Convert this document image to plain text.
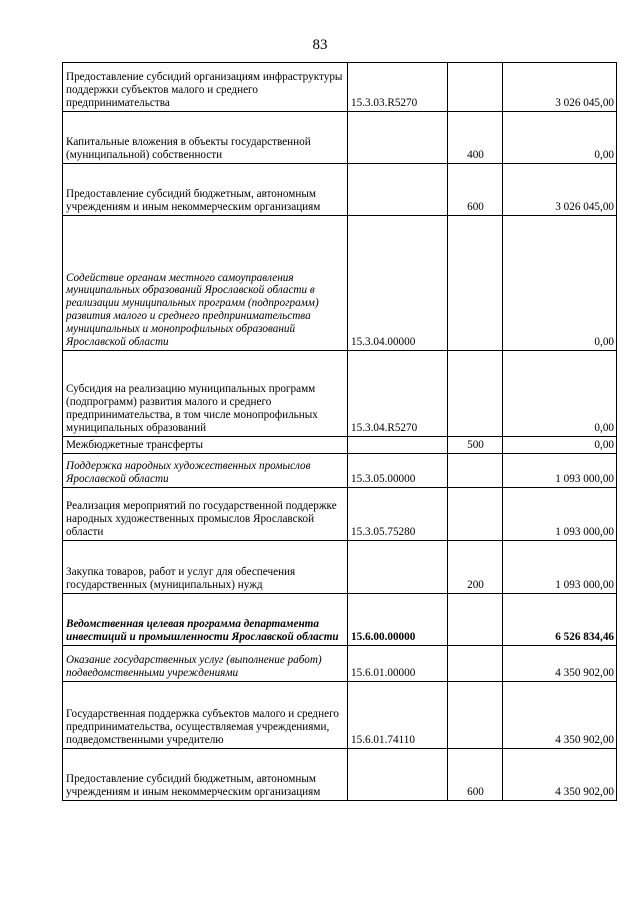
83
Предоставление субсидий организациям инфраструктуры поддержки субъектов малого и среднего предпринимательства	15.3.03.R5270		3 026 045,00
Капитальные вложения в объекты государственной (муниципальной) собственности		400	0,00
Предоставление субсидий бюджетным, автономным учреждениям и иным некоммерческим организациям		600	3 026 045,00
Содействие органам местного самоуправления муниципальных образований Ярославской области в реализации муниципальных программ (подпрограмм) развития малого и среднего предпринимательства муниципальных и монопрофильных образований Ярославской области	15.3.04.00000		0,00
Субсидия на реализацию муниципальных программ (подпрограмм) развития малого и среднего предпринимательства, в том числе монопрофильных муниципальных образований	15.3.04.R5270		0,00
Межбюджетные трансферты		500	0,00
Поддержка народных художественных промыслов Ярославской области	15.3.05.00000		1 093 000,00
Реализация мероприятий по государственной поддержке народных художественных промыслов Ярославской области	15.3.05.75280		1 093 000,00
Закупка товаров, работ и услуг для обеспечения государственных (муниципальных) нужд		200	1 093 000,00
Ведомственная целевая программа департамента инвестиций и промышленности Ярославской области	15.6.00.00000		6 526 834,46
Оказание государственных услуг (выполнение работ) подведомственными учреждениями	15.6.01.00000		4 350 902,00
Государственная поддержка субъектов малого и среднего предпринимательства, осуществляемая учреждениями, подведомственными учредителю	15.6.01.74110		4 350 902,00
Предоставление субсидий бюджетным, автономным учреждениям и иным некоммерческим организациям		600	4 350 902,00
